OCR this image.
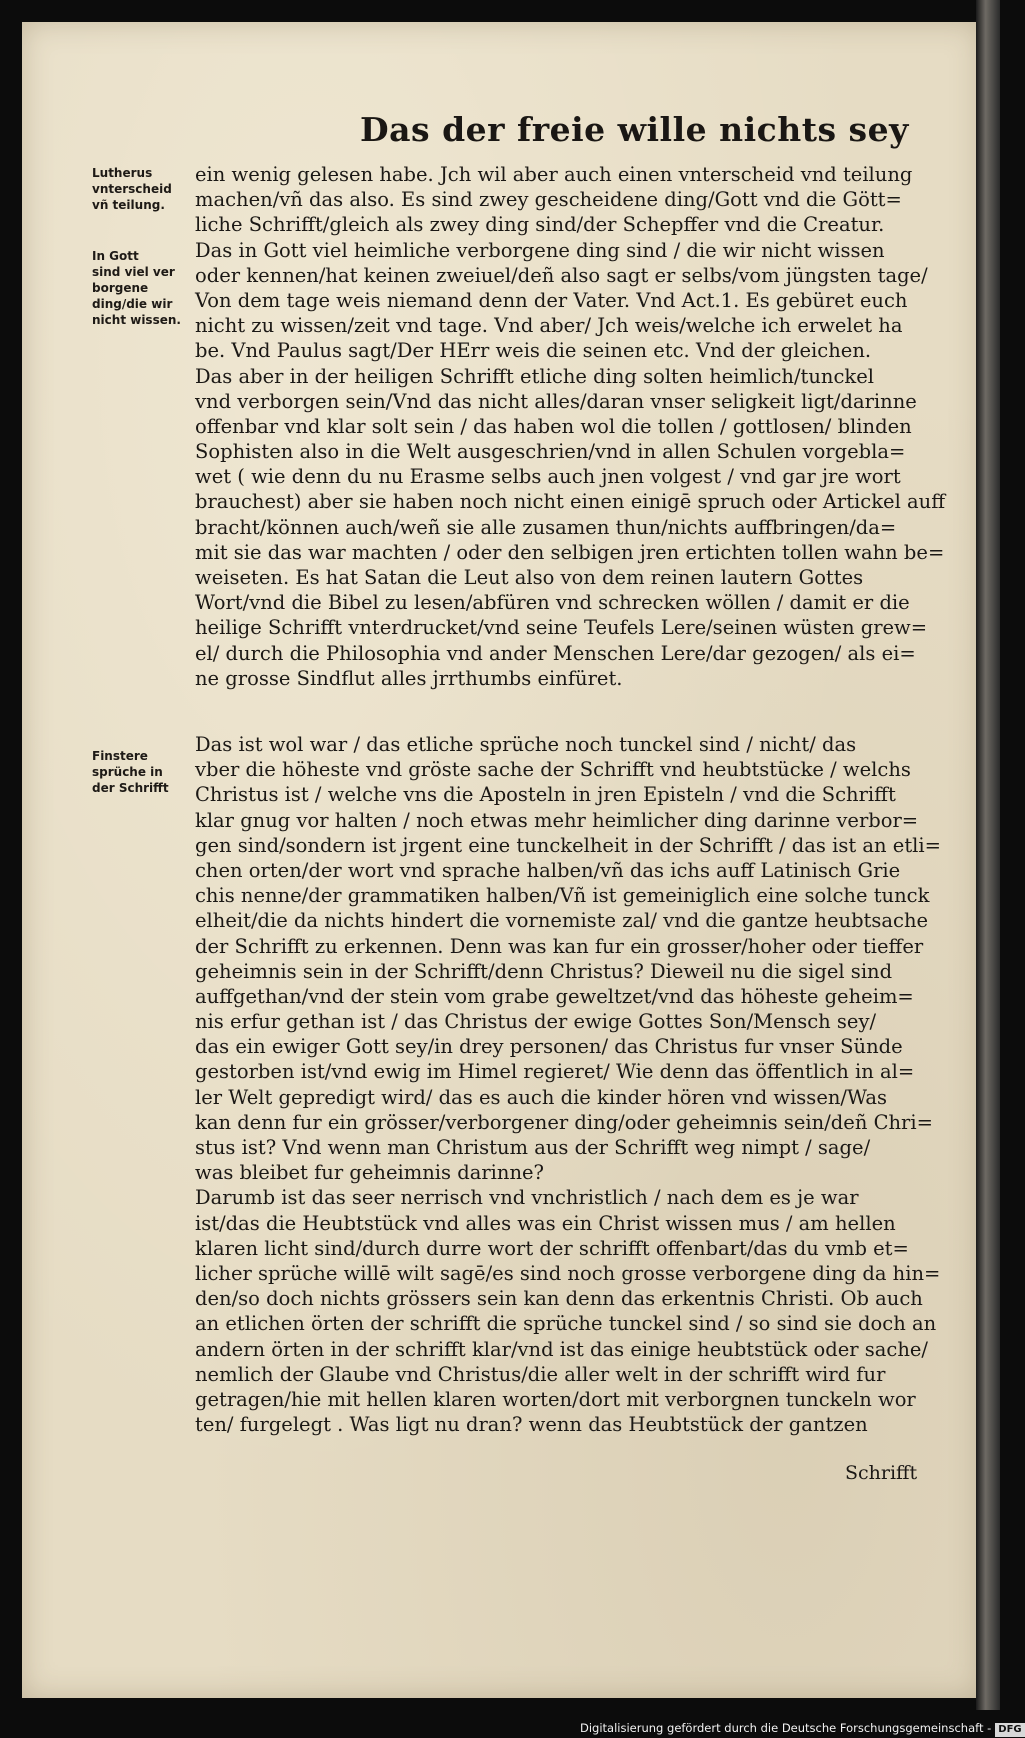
Das der freie wille nichts sey
Lutherus
vnterscheid
vñ teilung.
In Gott
sind viel ver
borgene
ding/die wir
nicht wissen.
Finstere
sprüche in
der Schrifft
ein wenig gelesen habe. Jch wil aber auch einen vnterscheid vnd teilung
machen/vñ das also. Es sind zwey gescheidene ding/Gott vnd die Gött=
liche Schrifft/gleich als zwey ding sind/der Schepffer vnd die Creatur.
Das in Gott viel heimliche verborgene ding sind / die wir nicht wissen
oder kennen/hat keinen zweiuel/deñ also sagt er selbs/vom jüngsten tage/
Von dem tage weis niemand denn der Vater. Vnd Act.1. Es gebüret euch
nicht zu wissen/zeit vnd tage. Vnd aber/ Jch weis/welche ich erwelet ha
be. Vnd Paulus sagt/Der HErr weis die seinen etc. Vnd der gleichen.
Das aber in der heiligen Schrifft etliche ding solten heimlich/tunckel
vnd verborgen sein/Vnd das nicht alles/daran vnser seligkeit ligt/darinne
offenbar vnd klar solt sein / das haben wol die tollen / gottlosen/ blinden
Sophisten also in die Welt ausgeschrien/vnd in allen Schulen vorgebla=
wet ( wie denn du nu Erasme selbs auch jnen volgest / vnd gar jre wort
brauchest) aber sie haben noch nicht einen einigē spruch oder Artickel auff
bracht/können auch/weñ sie alle zusamen thun/nichts auffbringen/da=
mit sie das war machten / oder den selbigen jren ertichten tollen wahn be=
weiseten. Es hat Satan die Leut also von dem reinen lautern Gottes
Wort/vnd die Bibel zu lesen/abfüren vnd schrecken wöllen / damit er die
heilige Schrifft vnterdrucket/vnd seine Teufels Lere/seinen wüsten grew=
el/ durch die Philosophia vnd ander Menschen Lere/dar gezogen/ als ei=
ne grosse Sindflut alles jrrthumbs einfüret.
Das ist wol war / das etliche sprüche noch tunckel sind / nicht/ das
vber die höheste vnd gröste sache der Schrifft vnd heubtstücke / welchs
Christus ist / welche vns die Aposteln in jren Episteln / vnd die Schrifft
klar gnug vor halten / noch etwas mehr heimlicher ding darinne verbor=
gen sind/sondern ist jrgent eine tunckelheit in der Schrifft / das ist an etli=
chen orten/der wort vnd sprache halben/vñ das ichs auff Latinisch Grie
chis nenne/der grammatiken halben/Vñ ist gemeiniglich eine solche tunck
elheit/die da nichts hindert die vornemiste zal/ vnd die gantze heubtsache
der Schrifft zu erkennen. Denn was kan fur ein grosser/hoher oder tieffer
geheimnis sein in der Schrifft/denn Christus? Dieweil nu die sigel sind
auffgethan/vnd der stein vom grabe geweltzet/vnd das höheste geheim=
nis erfur gethan ist / das Christus der ewige Gottes Son/Mensch sey/
das ein ewiger Gott sey/in drey personen/ das Christus fur vnser Sünde
gestorben ist/vnd ewig im Himel regieret/ Wie denn das öffentlich in al=
ler Welt gepredigt wird/ das es auch die kinder hören vnd wissen/Was
kan denn fur ein grösser/verborgener ding/oder geheimnis sein/deñ Chri=
stus ist? Vnd wenn man Christum aus der Schrifft weg nimpt / sage/
was bleibet fur geheimnis darinne?
Darumb ist das seer nerrisch vnd vnchristlich / nach dem es je war
ist/das die Heubtstück vnd alles was ein Christ wissen mus / am hellen
klaren licht sind/durch durre wort der schrifft offenbart/das du vmb et=
licher sprüche willē wilt sagē/es sind noch grosse verborgene ding da hin=
den/so doch nichts grössers sein kan denn das erkentnis Christi. Ob auch
an etlichen örten der schrifft die sprüche tunckel sind / so sind sie doch an
andern örten in der schrifft klar/vnd ist das einige heubtstück oder sache/
nemlich der Glaube vnd Christus/die aller welt in der schrifft wird fur
getragen/hie mit hellen klaren worten/dort mit verborgnen tunckeln wor
ten/ furgelegt . Was ligt nu dran? wenn das Heubtstück der gantzen
Schrifft
Digitalisierung gefördert durch die Deutsche Forschungsgemeinschaft - DFG
